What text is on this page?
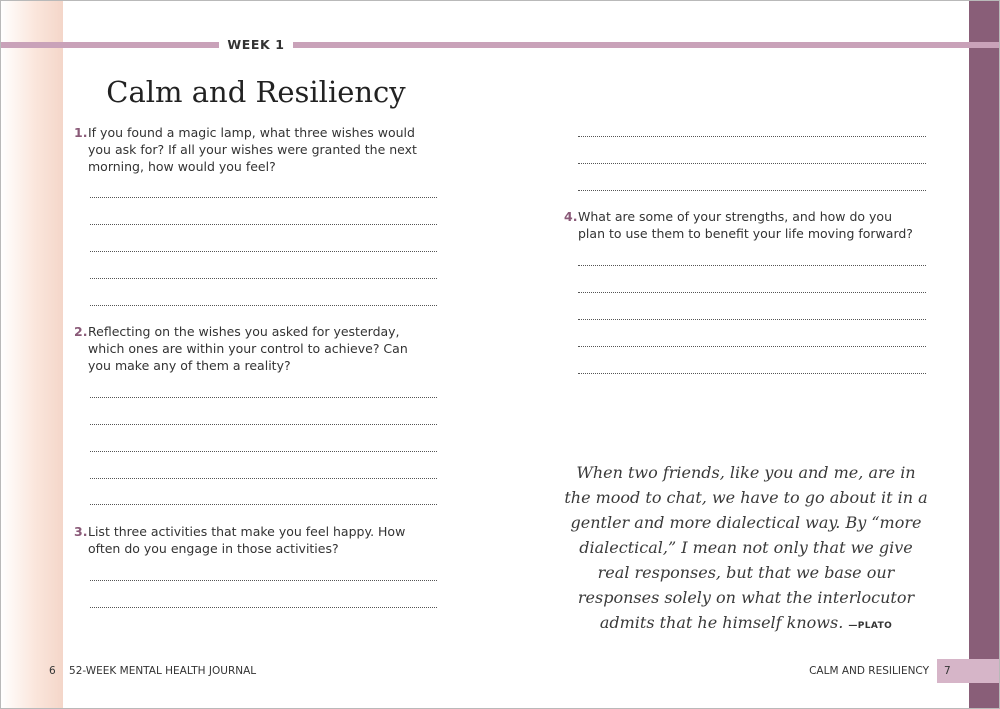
WEEK 1
Calm and Resiliency
1. If you found a magic lamp, what three wishes would you ask for? If all your wishes were granted the next morning, how would you feel?
2. Reflecting on the wishes you asked for yesterday, which ones are within your control to achieve? Can you make any of them a reality?
3. List three activities that make you feel happy. How often do you engage in those activities?
4. What are some of your strengths, and how do you plan to use them to benefit your life moving forward?
When two friends, like you and me, are in the mood to chat, we have to go about it in a gentler and more dialectical way. By “more dialectical,” I mean not only that we give real responses, but that we base our responses solely on what the interlocutor admits that he himself knows. —PLATO
6 52-WEEK MENTAL HEALTH JOURNAL	CALM AND RESILIENCY 7
